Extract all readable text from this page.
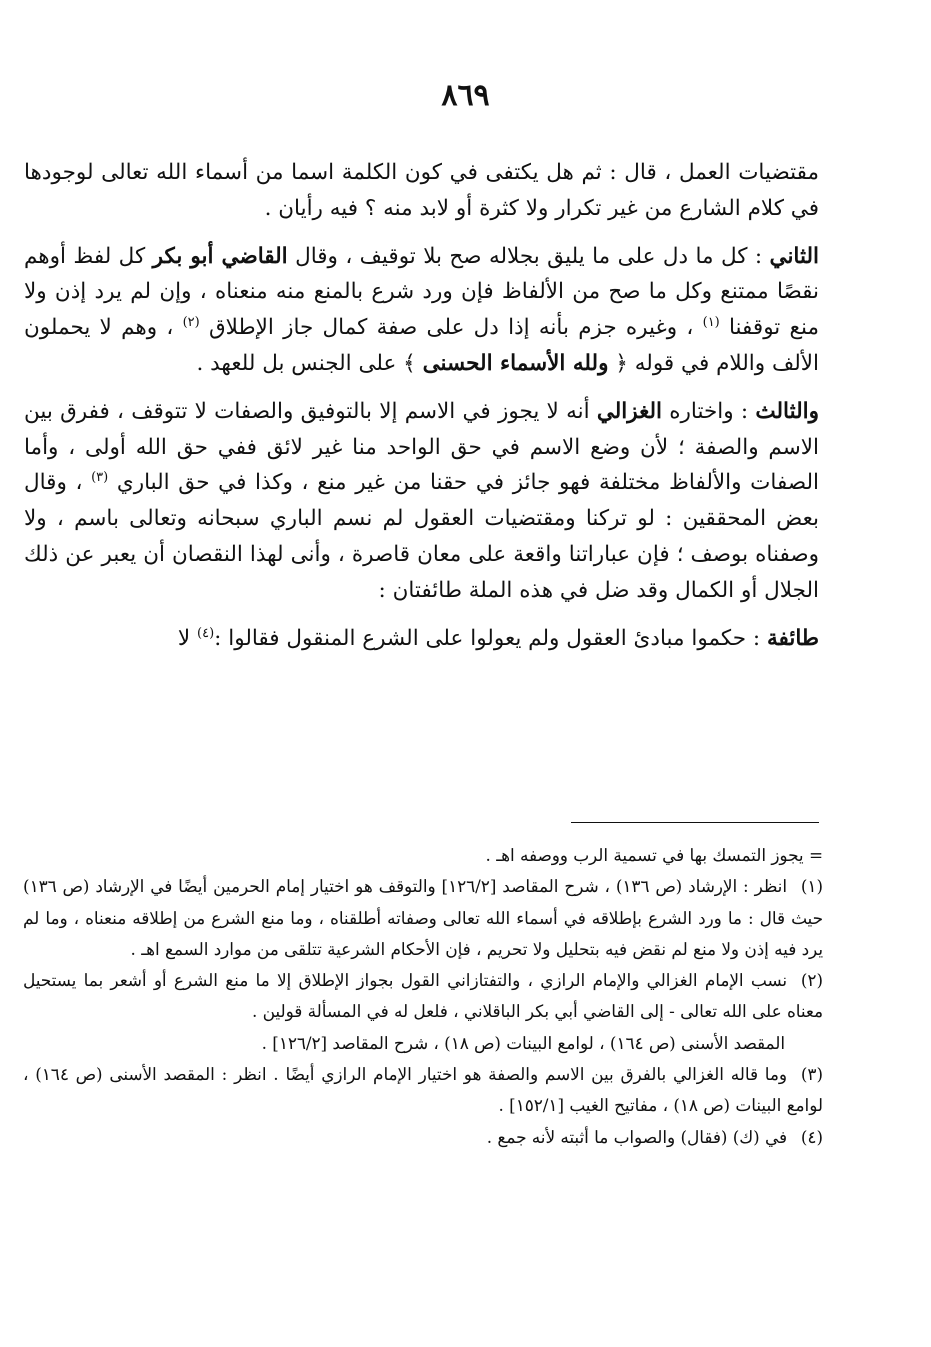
٨٦٩

مقتضيات العمل ، قال : ثم هل يكتفى في كون الكلمة اسما من أسماء الله تعالى لوجودها في كلام الشارع من غير تكرار ولا كثرة أو لابد منه ؟ فيه رأيان .

الثاني : كل ما دل على ما يليق بجلاله صح بلا توقيف ، وقال القاضي أبو بكر كل لفظ أوهم نقصًا ممتنع وكل ما صح من الألفاظ فإن ورد شرع بالمنع منه منعناه ، وإن لم يرد إذن ولا منع توقفنا $^{(١)}$ ، وغيره جزم بأنه إذا دل على صفة كمال جاز الإطلاق $^{(٢)}$ ، وهم لا يحملون الألف واللام في قوله ﴿ ولله الأسماء الحسنى ﴾ على الجنس بل للعهد .

والثالث : واختاره الغزالي أنه لا يجوز في الاسم إلا بالتوفيق والصفات لا تتوقف ، ففرق بين الاسم والصفة ؛ لأن وضع الاسم في حق الواحد منا غير لائق ففي حق الله أولى ، وأما الصفات والألفاظ مختلفة فهو جائز في حقنا من غير منع ، وكذا في حق الباري $^{(٣)}$ ، وقال بعض المحققين : لو تركنا ومقتضيات العقول لم نسم الباري سبحانه وتعالى باسم ، ولا وصفناه بوصف ؛ فإن عباراتنا واقعة على معان قاصرة ، وأنى لهذا النقصان أن يعبر عن ذلك الجلال أو الكمال وقد ضل في هذه الملة طائفتان :

طائفة : حكموا مبادئ العقول ولم يعولوا على الشرع المنقول فقالوا :$^{(٤)}$ لا

= يجوز التمسك بها في تسمية الرب ووصفه اهـ .

(١)انظر : الإرشاد (ص ١٣٦) ، شرح المقاصد [١٢٦/٢] والتوقف هو اختيار إمام الحرمين أيضًا في الإرشاد (ص ١٣٦) حيث قال : ما ورد الشرع بإطلاقه في أسماء الله تعالى وصفاته أطلقناه ، وما منع الشرع من إطلاقه منعناه ، وما لم يرد فيه إذن ولا منع لم نقض فيه بتحليل ولا تحريم ، فإن الأحكام الشرعية تتلقى من موارد السمع اهـ .

(٢)نسب الإمام الغزالي والإمام الرازي ، والتفتازاني القول بجواز الإطلاق إلا ما منع الشرع أو أشعر بما يستحيل معناه على الله تعالى - إلى القاضي أبي بكر الباقلاني ، فلعل له في المسألة قولين .

المقصد الأسنى (ص ١٦٤) ، لوامع البينات (ص ١٨) ، شرح المقاصد [١٢٦/٢] .

(٣)وما قاله الغزالي بالفرق بين الاسم والصفة هو اختيار الإمام الرازي أيضًا . انظر : المقصد الأسنى (ص ١٦٤) ، لوامع البينات (ص ١٨) ، مفاتيح الغيب [١٥٢/١] .

(٤)في (ك) (فقال) والصواب ما أثبته لأنه جمع .
